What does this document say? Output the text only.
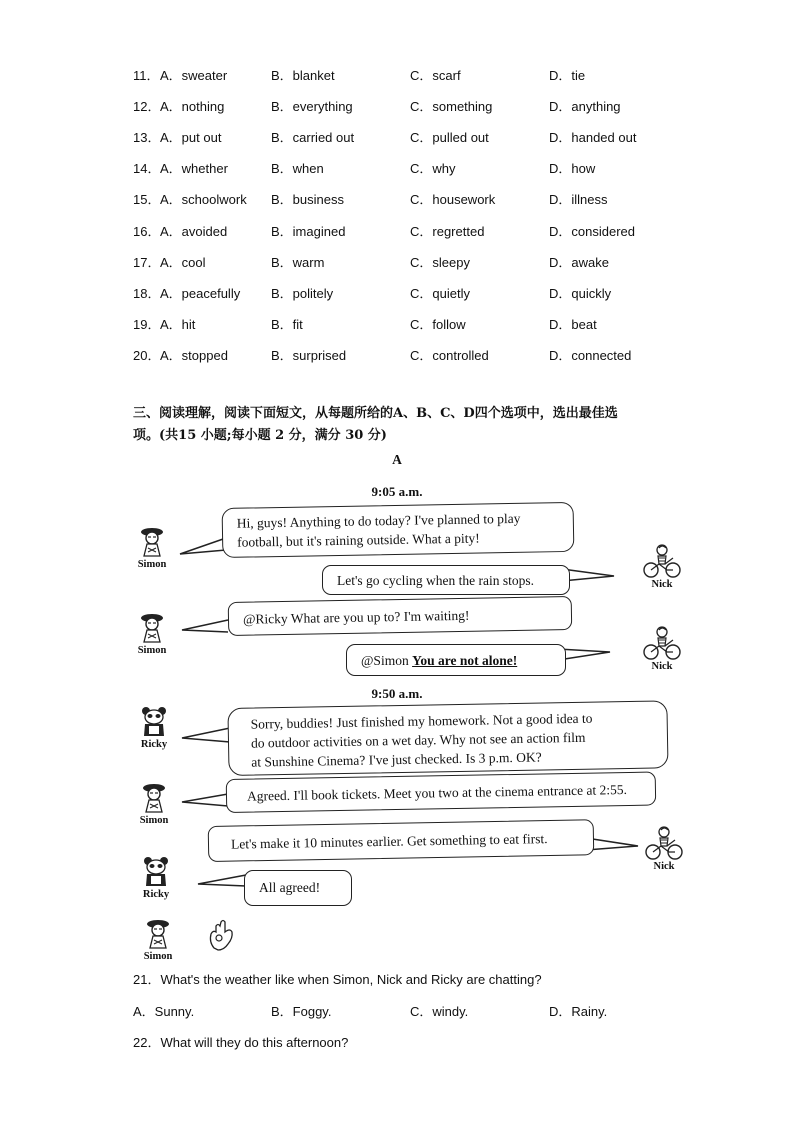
11． A．sweater	B．blanket	C．scarf	D．tie
12． A．nothing	B．everything	C．something	D．anything
13． A．put out	B．carried out	C．pulled out	D．handed out
14． A．whether	B．when	C．why	D．how
15． A．schoolwork B．business	C．housework	D．illness
16． A．avoided	B．imagined	C．regretted	D．considered
17． A．cool	B．warm	C．sleepy	D．awake
18． A．peacefully B．politely	C．quietly	D．quickly
19． A．hit	B．fit	C．follow	D．beat
20． A．stopped	B．surprised	C．controlled	D．connected
三、阅读理解，阅读下面短文，从每题所给的A、B、C、D四个选项中，选出最佳选
项。(共15 小题;每小题 2 分，满分 30 分)
A
9:05 a.m.
Simon
Hi, guys! Anything to do today? I've planned to play
football, but it's raining outside. What a pity!
Let's go cycling when the rain stops.	Nick
Simon
@Ricky What are you up to? I'm waiting!
@Simon You are not alone!	Nick
9:50 a.m.
Ricky
Sorry, buddies! Just finished my homework. Not a good idea to
do outdoor activities on a wet day. Why not see an action film
at Sunshine Cinema? I've just checked. Is 3 p.m. OK?
Simon
Agreed. I'll book tickets. Meet you two at the cinema entrance at 2:55.
Let's make it 10 minutes earlier. Get something to eat first.
Nick
Ricky	All agreed!
Simon
21．What's the weather like when Simon, Nick and Ricky are chatting?
A．Sunny.	B．Foggy.	C．windy.	D．Rainy.
22．What will they do this afternoon?
